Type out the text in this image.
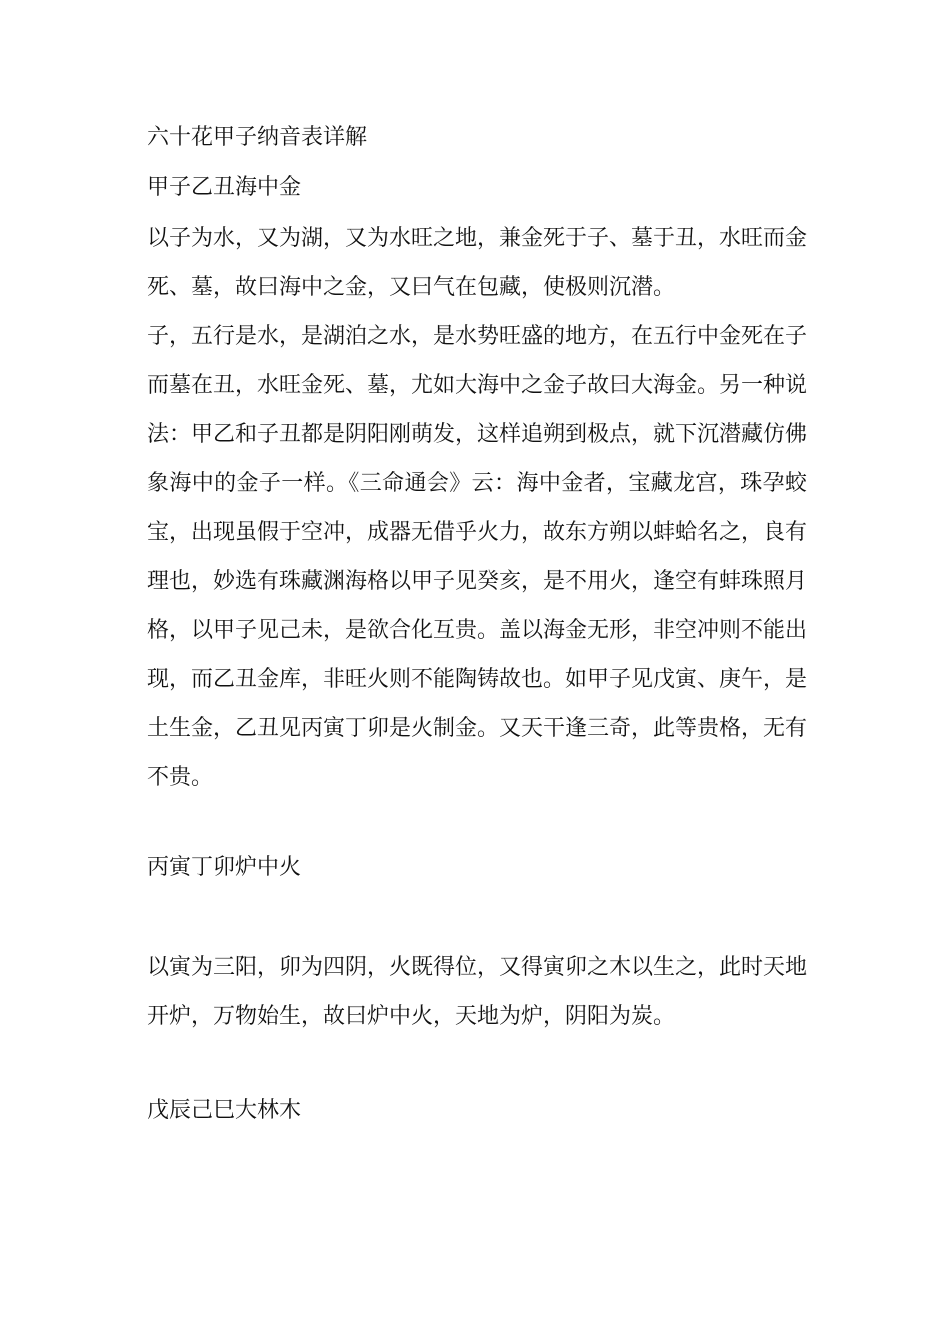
六十花甲子纳音表详解
甲子乙丑海中金

以子为水，又为湖，又为水旺之地，兼金死于子、墓于丑，水旺而金死、墓，故曰海中之金，又曰气在包藏，使极则沉潜。

子，五行是水，是湖泊之水，是水势旺盛的地方，在五行中金死在子而墓在丑，水旺金死、墓，尤如大海中之金子故曰大海金。另一种说法：甲乙和子丑都是阴阳刚萌发，这样追朔到极点，就下沉潜藏仿佛象海中的金子一样。《三命通会》云：海中金者，宝藏龙宫，珠孕蛟宝，出现虽假于空冲，成器无借乎火力，故东方朔以蚌蛤名之，良有理也，妙选有珠藏渊海格以甲子见癸亥，是不用火，逢空有蚌珠照月格，以甲子见己未，是欲合化互贵。盖以海金无形，非空冲则不能出现，而乙丑金库，非旺火则不能陶铸故也。如甲子见戊寅、庚午，是土生金，乙丑见丙寅丁卯是火制金。又天干逢三奇，此等贵格，无有不贵。

丙寅丁卯炉中火

以寅为三阳，卯为四阴，火既得位，又得寅卯之木以生之，此时天地开炉，万物始生，故曰炉中火，天地为炉，阴阳为炭。

戊辰己巳大林木
